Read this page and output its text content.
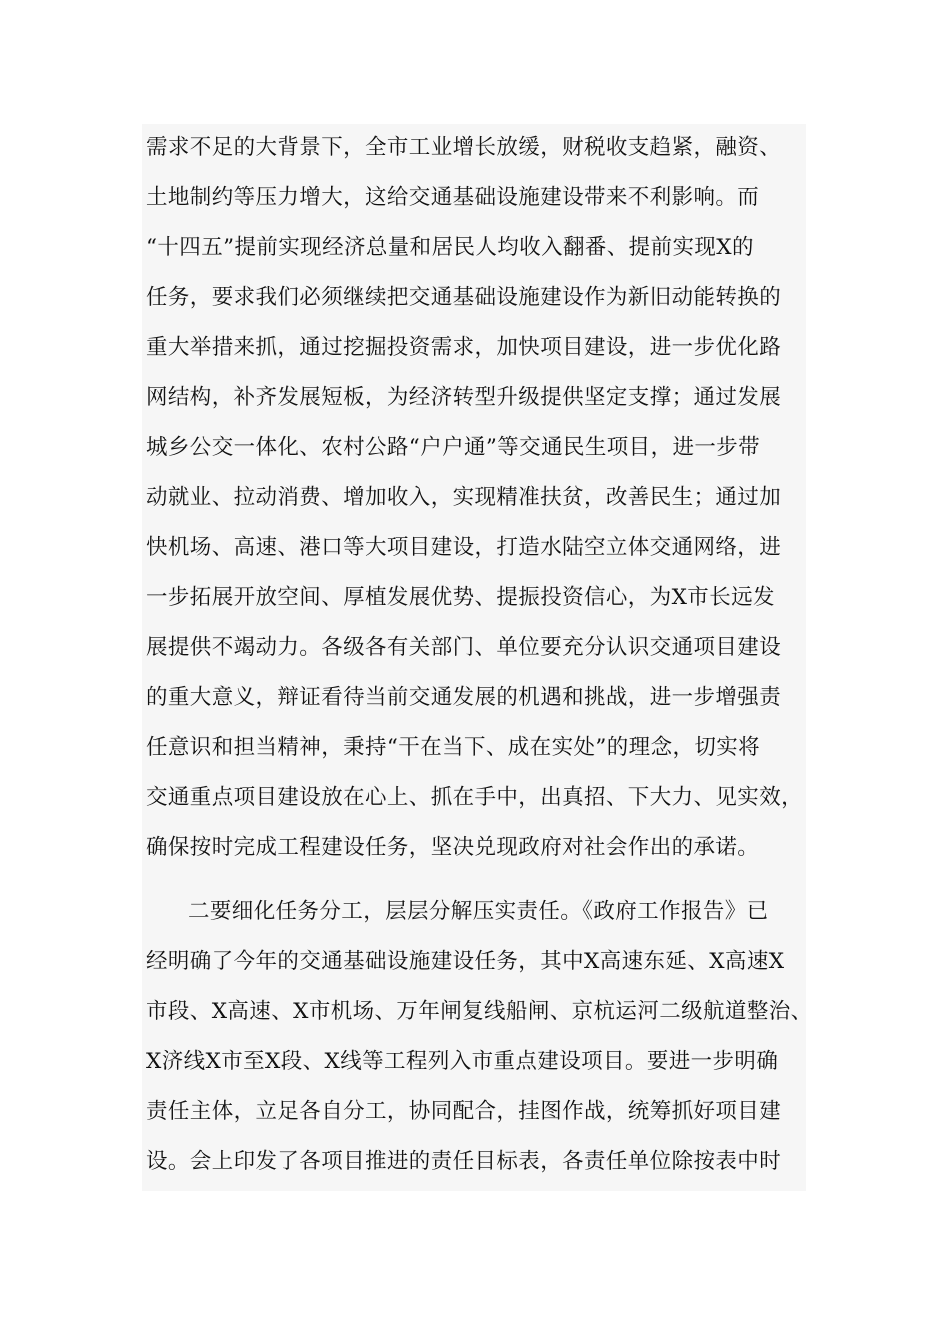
需求不足的大背景下，全市工业增长放缓，财税收支趋紧，融资、
土地制约等压力增大，这给交通基础设施建设带来不利影响。而
“十四五”提前实现经济总量和居民人均收入翻番、提前实现X的
任务，要求我们必须继续把交通基础设施建设作为新旧动能转换的
重大举措来抓，通过挖掘投资需求，加快项目建设，进一步优化路
网结构，补齐发展短板，为经济转型升级提供坚定支撑；通过发展
城乡公交一体化、农村公路“户户通”等交通民生项目，进一步带
动就业、拉动消费、增加收入，实现精准扶贫，改善民生；通过加
快机场、高速、港口等大项目建设，打造水陆空立体交通网络，进
一步拓展开放空间、厚植发展优势、提振投资信心，为X市长远发
展提供不竭动力。各级各有关部门、单位要充分认识交通项目建设
的重大意义，辩证看待当前交通发展的机遇和挑战，进一步增强责
任意识和担当精神，秉持“干在当下、成在实处”的理念，切实将
交通重点项目建设放在心上、抓在手中，出真招、下大力、见实效，
确保按时完成工程建设任务，坚决兑现政府对社会作出的承诺。
二要细化任务分工，层层分解压实责任。《政府工作报告》已
经明确了今年的交通基础设施建设任务，其中X高速东延、X高速X
市段、X高速、X市机场、万年闸复线船闸、京杭运河二级航道整治、
X济线X市至X段、X线等工程列入市重点建设项目。要进一步明确
责任主体，立足各自分工，协同配合，挂图作战，统筹抓好项目建
设。会上印发了各项目推进的责任目标表，各责任单位除按表中时
